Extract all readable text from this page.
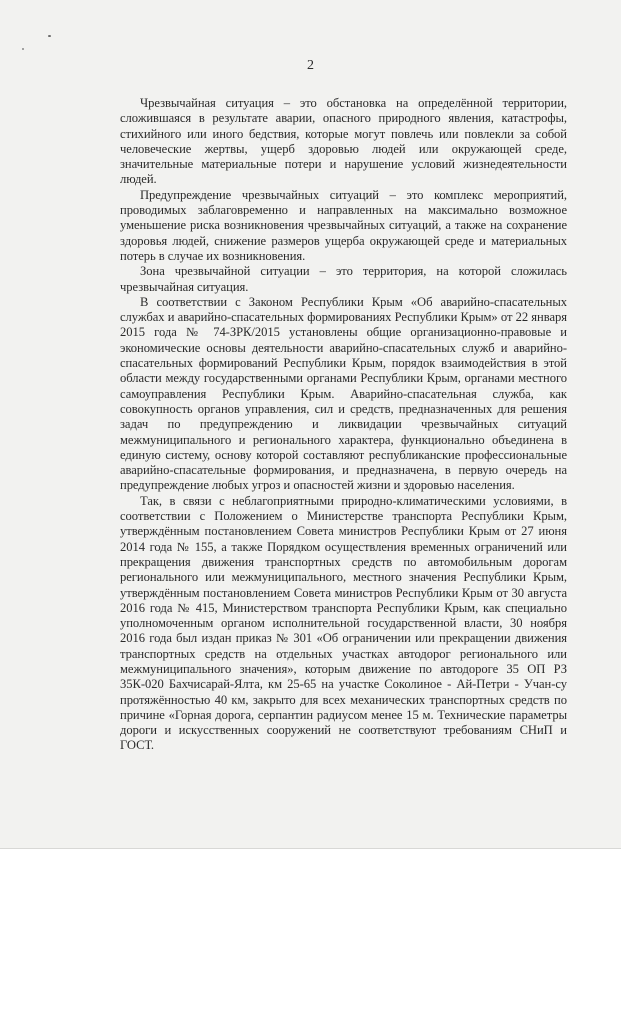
2

Чрезвычайная ситуация – это обстановка на определённой территории, сложившаяся в результате аварии, опасного природного явления, катастрофы, стихийного или иного бедствия, которые могут повлечь или повлекли за собой человеческие жертвы, ущерб здоровью людей или окружающей среде, значительные материальные потери и нарушение условий жизнедеятельности людей.

Предупреждение чрезвычайных ситуаций – это комплекс мероприятий, проводимых заблаговременно и направленных на максимально возможное уменьшение риска возникновения чрезвычайных ситуаций, а также на сохранение здоровья людей, снижение размеров ущерба окружающей среде и материальных потерь в случае их возникновения.

Зона чрезвычайной ситуации – это территория, на которой сложилась чрезвычайная ситуация.

В соответствии с Законом Республики Крым «Об аварийно-спасательных службах и аварийно-спасательных формированиях Республики Крым» от 22 января 2015 года № 74-ЗРК/2015 установлены общие организационно-правовые и экономические основы деятельности аварийно-спасательных служб и аварийно-спасательных формирований Республики Крым, порядок взаимодействия в этой области между государственными органами Республики Крым, органами местного самоуправления Республики Крым. Аварийно-спасательная служба, как совокупность органов управления, сил и средств, предназначенных для решения задач по предупреждению и ликвидации чрезвычайных ситуаций межмуниципального и регионального характера, функционально объединена в единую систему, основу которой составляют республиканские профессиональные аварийно-спасательные формирования, и предназначена, в первую очередь на предупреждение любых угроз и опасностей жизни и здоровью населения.

Так, в связи с неблагоприятными природно-климатическими условиями, в соответствии с Положением о Министерстве транспорта Республики Крым, утверждённым постановлением Совета министров Республики Крым от 27 июня 2014 года № 155, а также Порядком осуществления временных ограничений или прекращения движения транспортных средств по автомобильным дорогам регионального или межмуниципального, местного значения Республики Крым, утверждённым постановлением Совета министров Республики Крым от 30 августа 2016 года № 415, Министерством транспорта Республики Крым, как специально уполномоченным органом исполнительной государственной власти, 30 ноября 2016 года был издан приказ № 301 «Об ограничении или прекращении движения транспортных средств на отдельных участках автодорог регионального или межмуниципального значения», которым движение по автодороге 35 ОП РЗ 35К-020 Бахчисарай-Ялта, км 25-65 на участке Соколиное - Ай-Петри - Учан-су протяжённостью 40 км, закрыто для всех механических транспортных средств по причине «Горная дорога, серпантин радиусом менее 15 м. Технические параметры дороги и искусственных сооружений не соответствуют требованиям СНиП и ГОСТ.
